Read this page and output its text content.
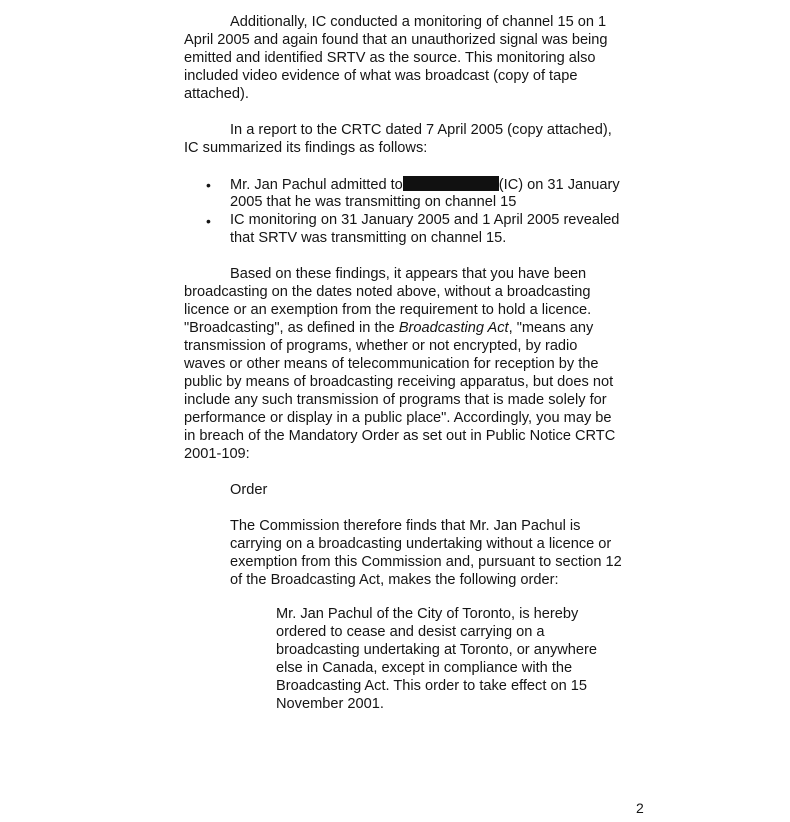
Additionally, IC conducted a monitoring of channel 15 on 1
April 2005 and again found that an unauthorized signal was being
emitted and identified SRTV as the source. This monitoring also
included video evidence of what was broadcast (copy of tape
attached).
In a report to the CRTC dated 7 April 2005 (copy attached),
IC summarized its findings as follows:
• Mr. Jan Pachul admitted to	(IC) on 31 January
2005 that he was transmitting on channel 15
• IC monitoring on 31 January 2005 and 1 April 2005 revealed
that SRTV was transmitting on channel 15.
Based on these findings, it appears that you have been
broadcasting on the dates noted above, without a broadcasting
licence or an exemption from the requirement to hold a licence.
"Broadcasting", as defined in the Broadcasting Act, "means any
transmission of programs, whether or not encrypted, by radio
waves or other means of telecommunication for reception by the
public by means of broadcasting receiving apparatus, but does not
include any such transmission of programs that is made solely for
performance or display in a public place". Accordingly, you may be
in breach of the Mandatory Order as set out in Public Notice CRTC
2001-109:
Order
The Commission therefore finds that Mr. Jan Pachul is
carrying on a broadcasting undertaking without a licence or
exemption from this Commission and, pursuant to section 12
of the Broadcasting Act, makes the following order:
Mr. Jan Pachul of the City of Toronto, is hereby
ordered to cease and desist carrying on a
broadcasting undertaking at Toronto, or anywhere
else in Canada, except in compliance with the
Broadcasting Act. This order to take effect on 15
November 2001.
2
